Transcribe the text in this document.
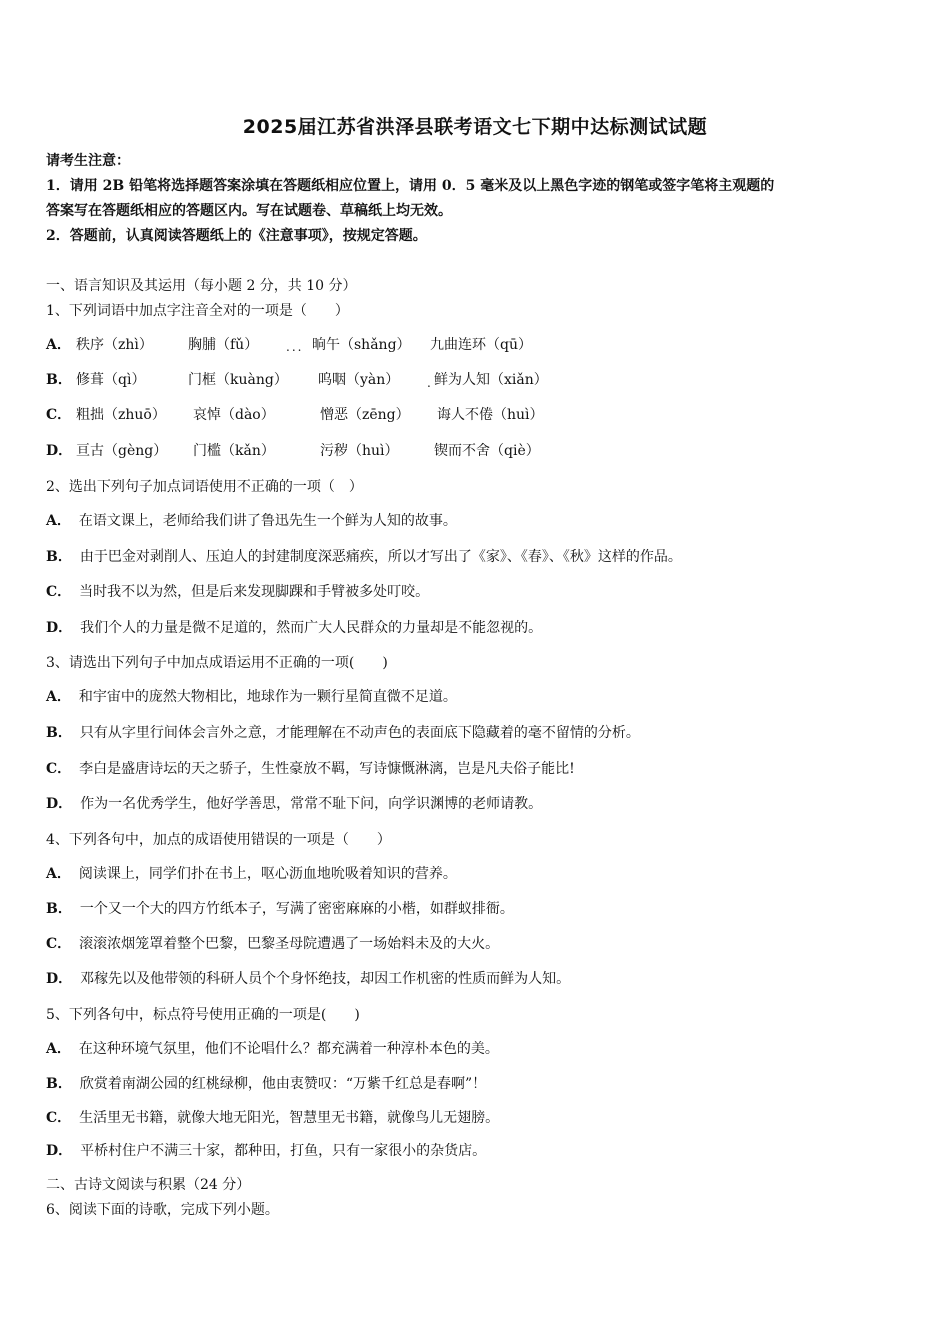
2025届江苏省洪泽县联考语文七下期中达标测试试题
请考生注意：
1．请用 2B 铅笔将选择题答案涂填在答题纸相应位置上，请用 0．5 毫米及以上黑色字迹的钢笔或签字笔将主观题的
答案写在答题纸相应的答题区内。写在试题卷、草稿纸上均无效。
2．答题前，认真阅读答题纸上的《注意事项》，按规定答题。
一、语言知识及其运用（每小题 2 分，共 10 分）
1、下列词语中加点字注音全对的一项是（　　）
A． 秩序（zhì）	胸脯（fǔ）	晌午（shǎng） 九曲连环（qū）
...
B． 修葺（qì）	门框（kuàng） 呜咽（yàn） 鲜为人知（xiǎn）
.
C． 粗拙（zhuō） 哀悼（dào）	憎恶（zēng） 诲人不倦（huì）
D． 亘古（gèng） 门槛（kǎn）	污秽（huì）	锲而不舍（qiè）
2、选出下列句子加点词语使用不正确的一项（　）
A． 在语文课上，老师给我们讲了鲁迅先生一个鲜为人知的故事。
B． 由于巴金对剥削人、压迫人的封建制度深恶痛疾，所以才写出了《家》、《春》、《秋》这样的作品。
C． 当时我不以为然，但是后来发现脚踝和手臂被多处叮咬。
D． 我们个人的力量是微不足道的，然而广大人民群众的力量却是不能忽视的。
3、请选出下列句子中加点成语运用不正确的一项(　　)
A． 和宇宙中的庞然大物相比，地球作为一颗行星简直微不足道。
B． 只有从字里行间体会言外之意，才能理解在不动声色的表面底下隐藏着的毫不留情的分析。
C． 李白是盛唐诗坛的天之骄子，生性豪放不羁，写诗慷慨淋漓，岂是凡夫俗子能比!
D． 作为一名优秀学生，他好学善思，常常不耻下问，向学识渊博的老师请教。
4、下列各句中，加点的成语使用错误的一项是（　　）
A． 阅读课上，同学们扑在书上，呕心沥血地吮吸着知识的营养。
B． 一个又一个大的四方竹纸本子，写满了密密麻麻的小楷，如群蚁排衙。
C． 滚滚浓烟笼罩着整个巴黎，巴黎圣母院遭遇了一场始料未及的大火。
D． 邓稼先以及他带领的科研人员个个身怀绝技，却因工作机密的性质而鲜为人知。
5、下列各句中，标点符号使用正确的一项是(　　)
A． 在这种环境气氛里，他们不论唱什么？都充满着一种淳朴本色的美。
B． 欣赏着南湖公园的红桃绿柳，他由衷赞叹：“万紫千红总是春啊”！
C． 生活里无书籍，就像大地无阳光，智慧里无书籍，就像鸟儿无翅膀。
D． 平桥村住户不满三十家，都种田，打鱼，只有一家很小的杂货店。
二、古诗文阅读与积累（24 分）
6、阅读下面的诗歌，完成下列小题。
